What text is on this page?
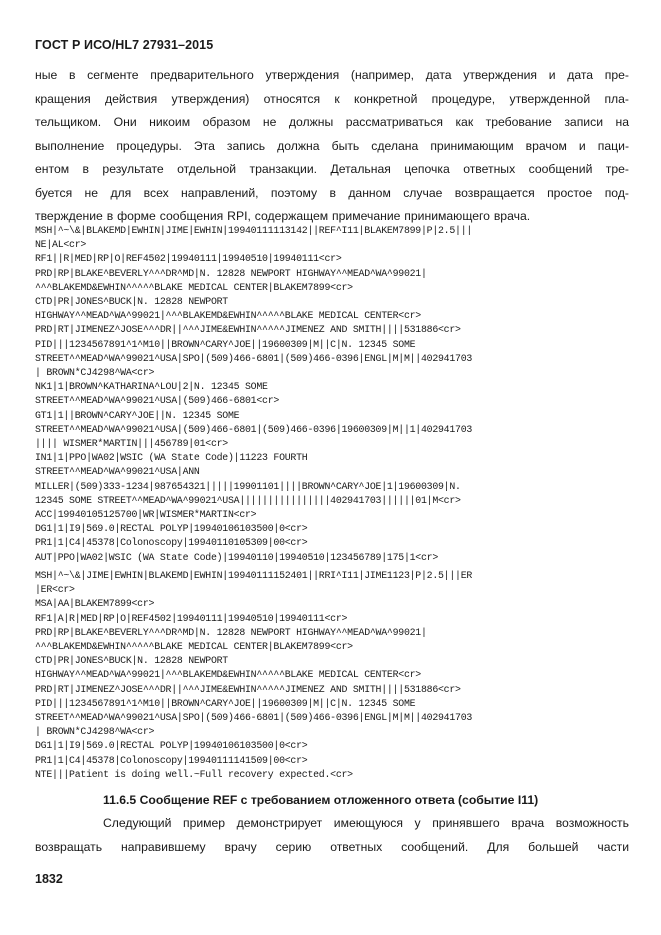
ГОСТ Р ИСО/HL7 27931–2015
ные в сегменте предварительного утверждения (например, дата утверждения и дата пре-
кращения действия утверждения) относятся к конкретной процедуре, утвержденной пла-
тельщиком. Они никоим образом не должны рассматриваться как требование записи на
выполнение процедуры. Эта запись должна быть сделана принимающим врачом и паци-
ентом в результате отдельной транзакции. Детальная цепочка ответных сообщений тре-
буется не для всех направлений, поэтому в данном случае возвращается простое под-
тверждение в форме сообщения RPI, содержащем примечание принимающего врача.
MSH|^~\&|BLAKEMD|EWHIN|JIME|EWHIN|19940111113142||REF^I11|BLAKEM7899|P|2.5|||
NE|AL<cr>
RF1||R|MED|RP|O|REF4502|19940111|19940510|19940111<cr>
PRD|RP|BLAKE^BEVERLY^^^DR^MD|N. 12828 NEWPORT HIGHWAY^^MEAD^WA^99021|
^^^BLAKEMD&EWHIN^^^^^BLAKE MEDICAL CENTER|BLAKEM7899<cr>
CTD|PR|JONES^BUCK|N. 12828 NEWPORT
HIGHWAY^^MEAD^WA^99021|^^^BLAKEMD&EWHIN^^^^^BLAKE MEDICAL CENTER<cr>
PRD|RT|JIMENEZ^JOSE^^^DR||^^^JIME&EWHIN^^^^^JIMENEZ AND SMITH||||531886<cr>
PID|||1234567891^1^M10||BROWN^CARY^JOE||19600309|M||C|N. 12345 SOME
STREET^^MEAD^WA^99021^USA|SPO|(509)466-6801|(509)466-0396|ENGL|M|M||402941703
| BROWN*CJ4298^WA<cr>
NK1|1|BROWN^KATHARINA^LOU|2|N. 12345 SOME
STREET^^MEAD^WA^99021^USA|(509)466-6801<cr>
GT1|1||BROWN^CARY^JOE||N. 12345 SOME
STREET^^MEAD^WA^99021^USA|(509)466-6801|(509)466-0396|19600309|M||1|402941703
|||| WISMER*MARTIN|||456789|01<cr>
IN1|1|PPO|WA02|WSIC (WA State Code)|11223 FOURTH
STREET^^MEAD^WA^99021^USA|ANN
MILLER|(509)333-1234|987654321|||||19901101||||BROWN^CARY^JOE|1|19600309|N.
12345 SOME STREET^^MEAD^WA^99021^USA||||||||||||||||402941703||||||01|M<cr>
ACC|19940105125700|WR|WISMER*MARTIN<cr>
DG1|1|I9|569.0|RECTAL POLYP|19940106103500|0<cr>
PR1|1|C4|45378|Colonoscopy|19940110105309|00<cr>
AUT|PPO|WA02|WSIC (WA State Code)|19940110|19940510|123456789|175|1<cr>
MSH|^~\&|JIME|EWHIN|BLAKEMD|EWHIN|19940111152401||RRI^I11|JIME1123|P|2.5|||ER
|ER<cr>
MSA|AA|BLAKEM7899<cr>
RF1|A|R|MED|RP|O|REF4502|19940111|19940510|19940111<cr>
PRD|RP|BLAKE^BEVERLY^^^DR^MD|N. 12828 NEWPORT HIGHWAY^^MEAD^WA^99021|
^^^BLAKEMD&EWHIN^^^^^BLAKE MEDICAL CENTER|BLAKEM7899<cr>
CTD|PR|JONES^BUCK|N. 12828 NEWPORT
HIGHWAY^^MEAD^WA^99021|^^^BLAKEMD&EWHIN^^^^^BLAKE MEDICAL CENTER<cr>
PRD|RT|JIMENEZ^JOSE^^^DR||^^^JIME&EWHIN^^^^^JIMENEZ AND SMITH||||531886<cr>
PID|||1234567891^1^M10||BROWN^CARY^JOE||19600309|M||C|N. 12345 SOME
STREET^^MEAD^WA^99021^USA|SPO|(509)466-6801|(509)466-0396|ENGL|M|M||402941703
| BROWN*CJ4298^WA<cr>
DG1|1|I9|569.0|RECTAL POLYP|19940106103500|0<cr>
PR1|1|C4|45378|Colonoscopy|19940111141509|00<cr>
NTE|||Patient is doing well.~Full recovery expected.<cr>
11.6.5 Сообщение REF с требованием отложенного ответа (событие I11)
Следующий пример демонстрирует имеющуюся у принявшего врача возможность
возвращать направившему врачу серию ответных сообщений. Для большей части
1832
